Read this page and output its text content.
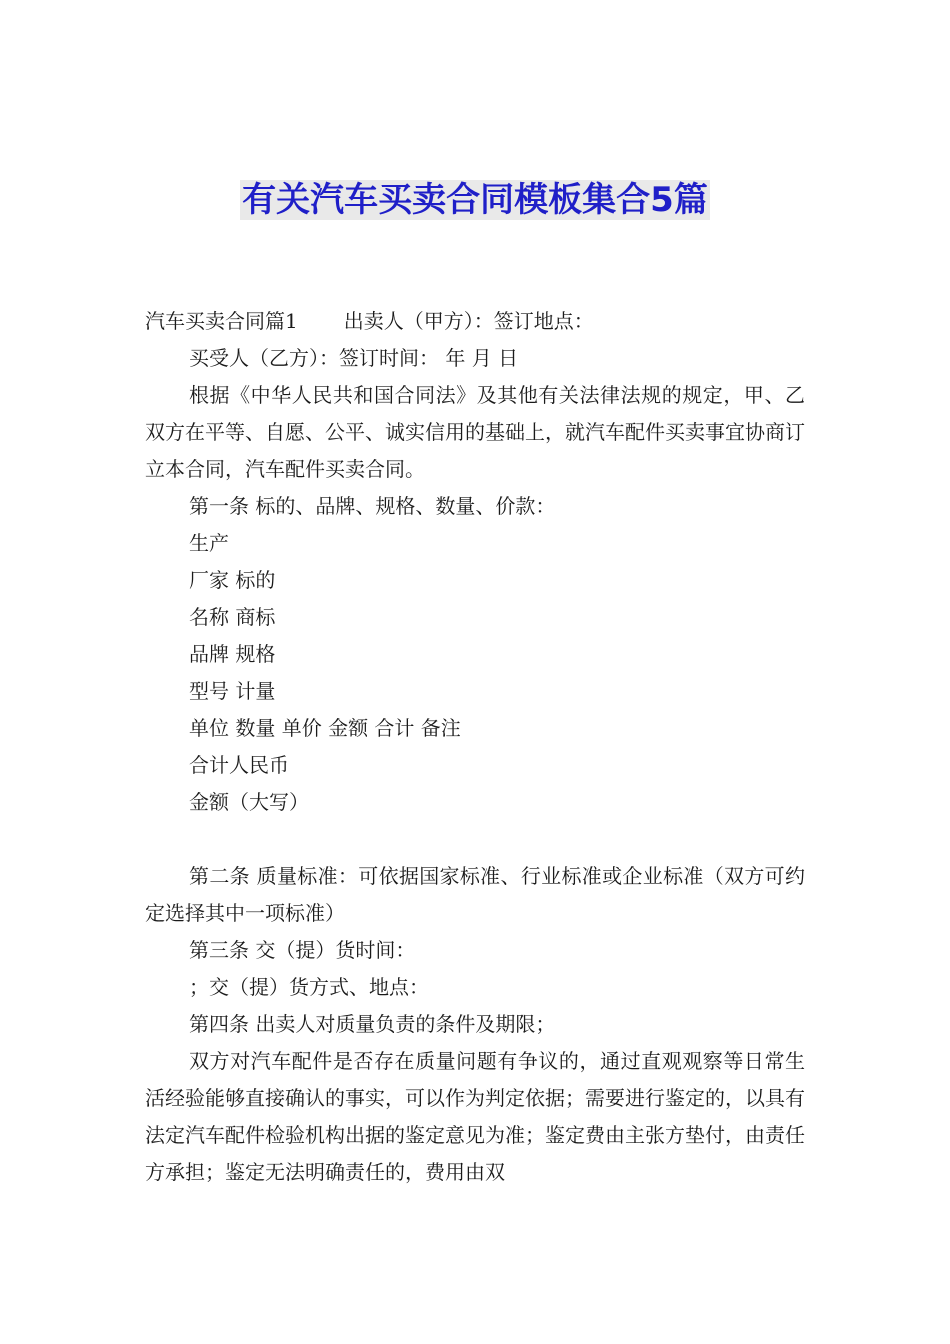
有关汽车买卖合同模板集合5篇

汽车买卖合同篇1 出卖人（甲方）：签订地点：

买受人（乙方）：签订时间： 年 月 日

根据《中华人民共和国合同法》及其他有关法律法规的规定，甲、乙双方在平等、自愿、公平、诚实信用的基础上，就汽车配件买卖事宜协商订立本合同，汽车配件买卖合同。

第一条 标的、品牌、规格、数量、价款：

生产

厂家 标的

名称 商标

品牌 规格

型号 计量

单位 数量 单价 金额 合计 备注

合计人民币

金额（大写）

第二条 质量标准：可依据国家标准、行业标准或企业标准（双方可约定选择其中一项标准）

第三条 交（提）货时间：

；交（提）货方式、地点：

第四条 出卖人对质量负责的条件及期限；

双方对汽车配件是否存在质量问题有争议的，通过直观观察等日常生活经验能够直接确认的事实，可以作为判定依据；需要进行鉴定的，以具有法定汽车配件检验机构出据的鉴定意见为准；鉴定费由主张方垫付，由责任方承担；鉴定无法明确责任的，费用由双
